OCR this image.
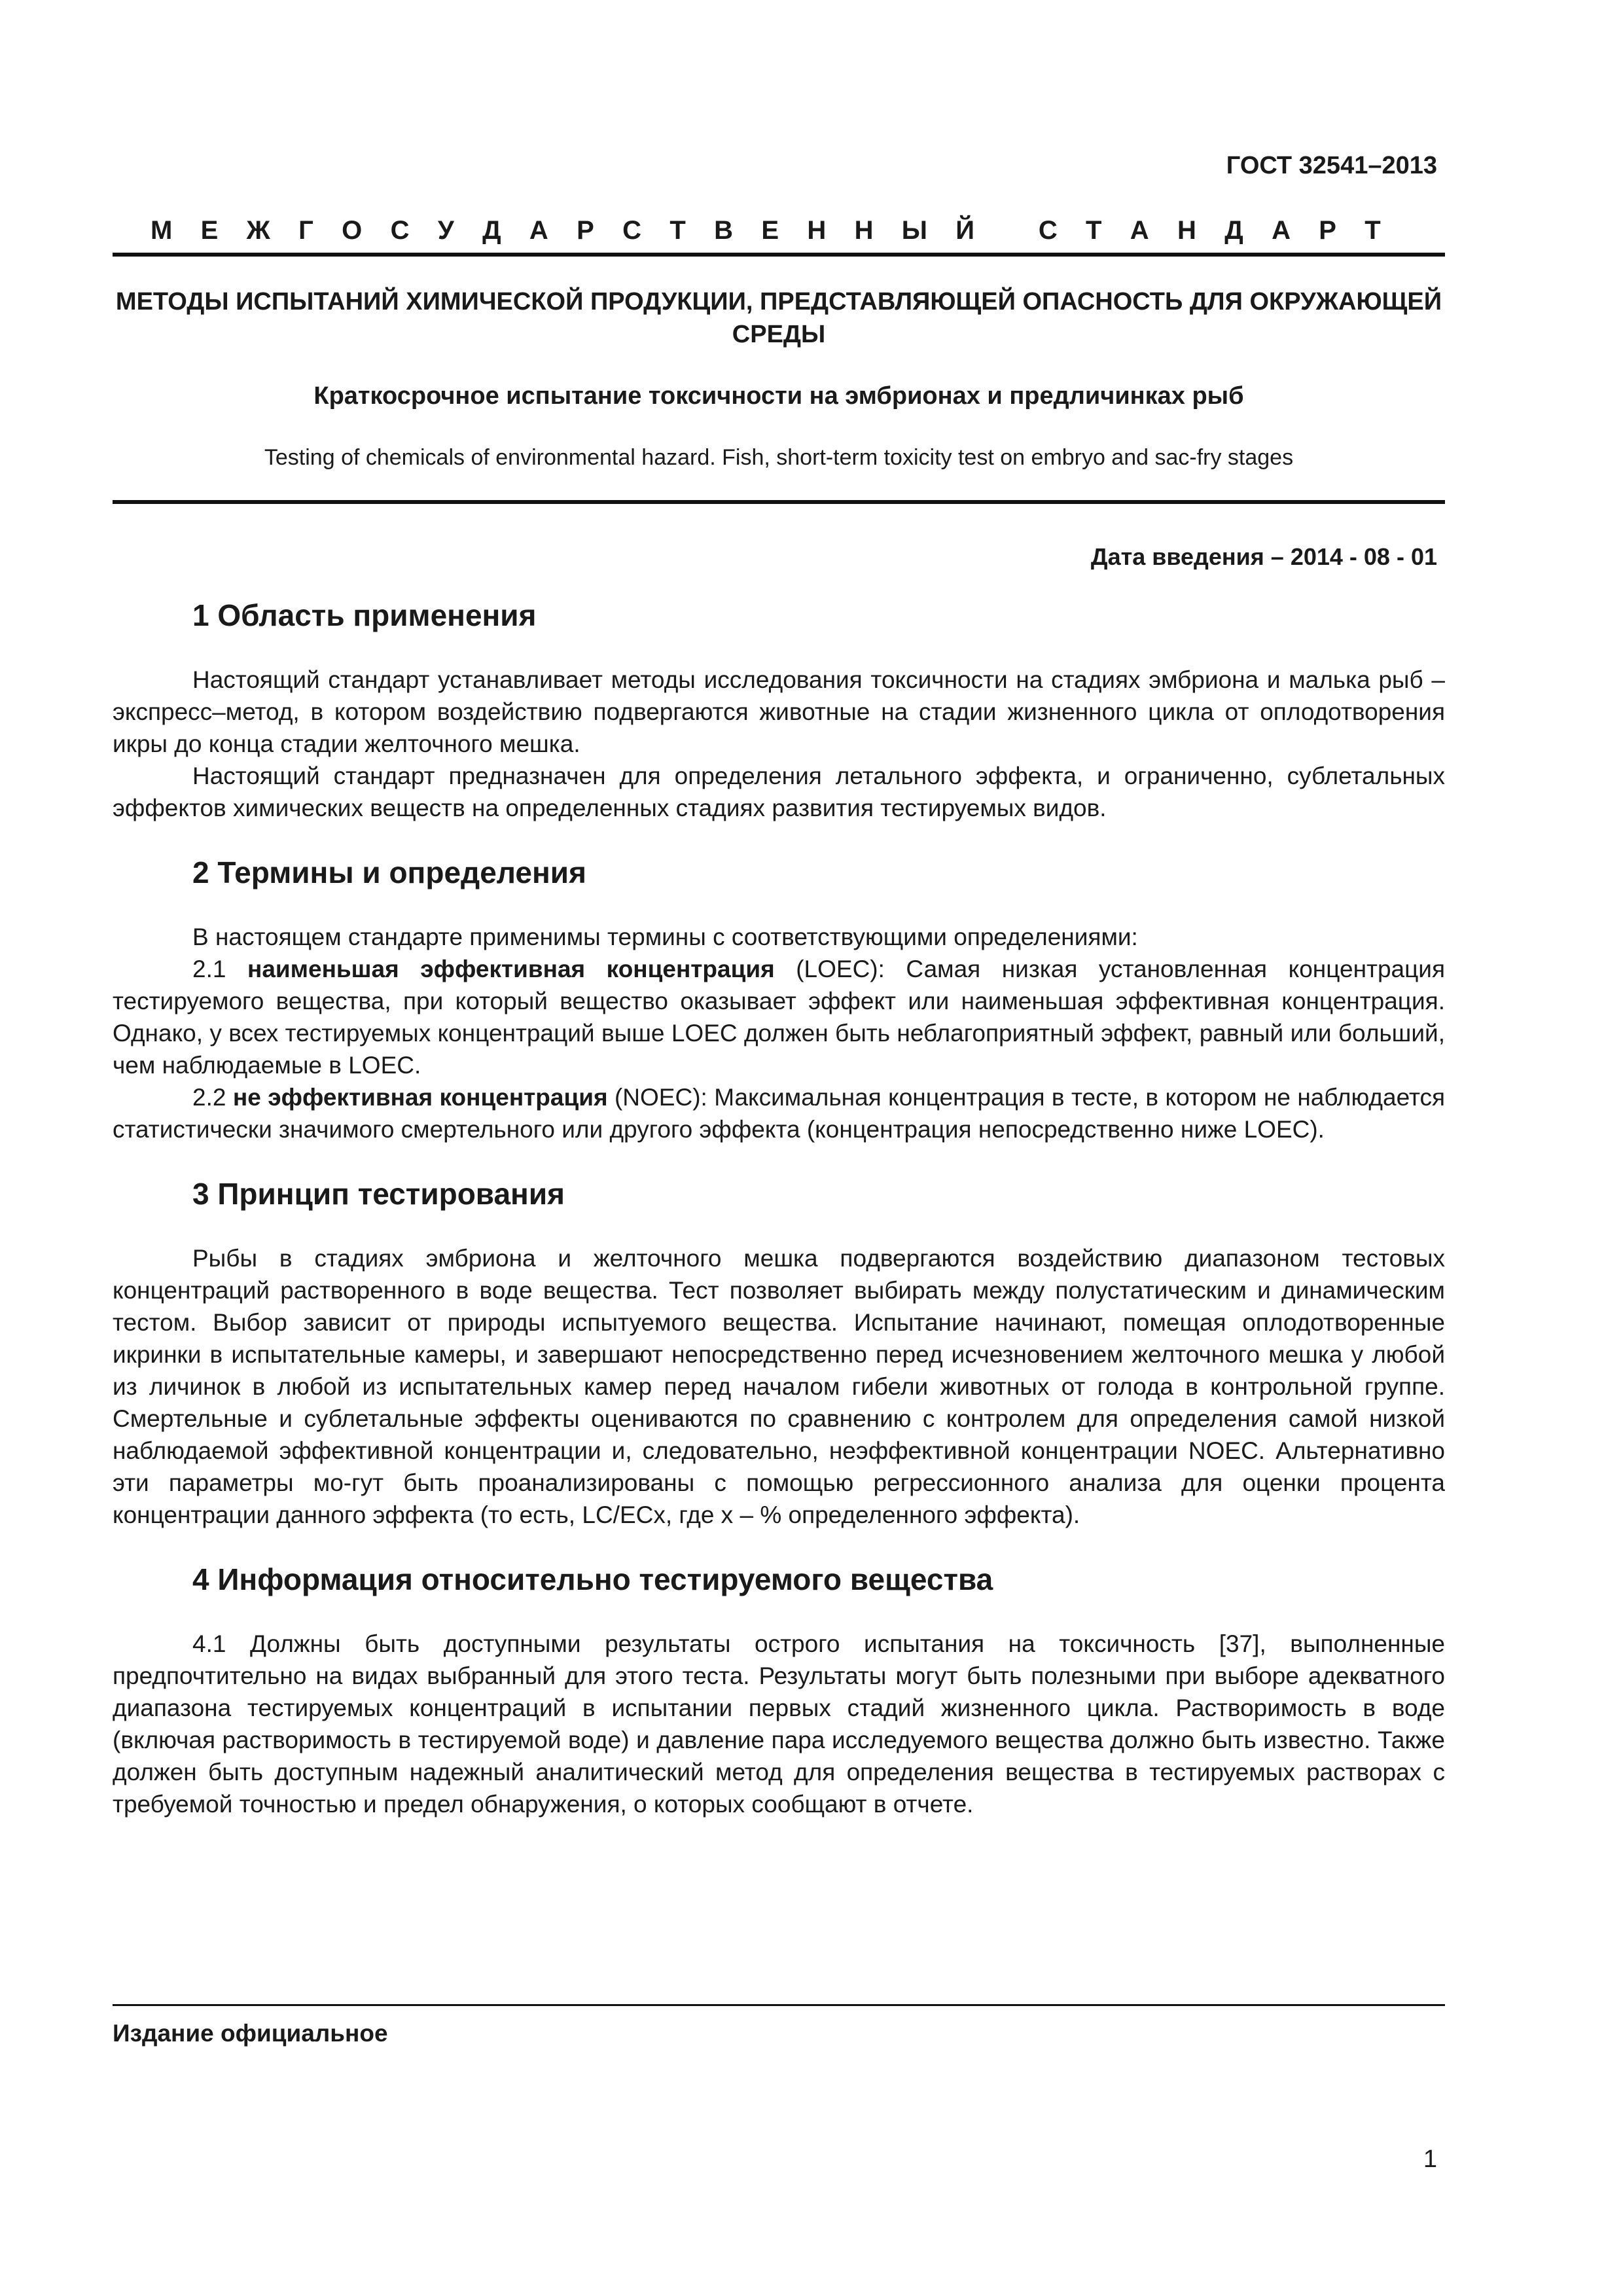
ГОСТ 32541–2013
М Е Ж Г О С У Д А Р С Т В Е Н Н Ы Й
С Т А Н Д А Р Т
МЕТОДЫ ИСПЫТАНИЙ ХИМИЧЕСКОЙ ПРОДУКЦИИ, ПРЕДСТАВЛЯЮЩЕЙ ОПАСНОСТЬ ДЛЯ ОКРУЖАЮЩЕЙ СРЕДЫ
Краткосрочное испытание токсичности на эмбрионах и предличинках рыб
Testing of chemicals of environmental hazard. Fish, short-term toxicity test on embryo and sac-fry stages
Дата введения – 2014 - 08 - 01
1 Область применения

Настоящий стандарт устанавливает методы исследования токсичности на стадиях эмбриона и малька рыб – экспресс–метод, в котором воздействию подвергаются животные на стадии жизненного цикла от оплодотворения икры до конца стадии желточного мешка.

Настоящий стандарт предназначен для определения летального эффекта, и ограниченно, сублетальных эффектов химических веществ на определенных стадиях развития тестируемых видов.

2 Термины и определения

В настоящем стандарте применимы термины с соответствующими определениями:

2.1 наименьшая эффективная концентрация (LOEC): Самая низкая установленная концентрация тестируемого вещества, при который вещество оказывает эффект или наименьшая эффективная концентрация. Однако, у всех тестируемых концентраций выше LOEC должен быть неблагоприятный эффект, равный или больший, чем наблюдаемые в LOEC.

2.2 не эффективная концентрация (NOEC): Максимальная концентрация в тесте, в котором не наблюдается статистически значимого смертельного или другого эффекта (концентрация непосредственно ниже LOEC).

3 Принцип тестирования

Рыбы в стадиях эмбриона и желточного мешка подвергаются воздействию диапазоном тестовых концентраций растворенного в воде вещества. Тест позволяет выбирать между полустатическим и динамическим тестом. Выбор зависит от природы испытуемого вещества. Испытание начинают, помещая оплодотворенные икринки в испытательные камеры, и завершают непосредственно перед исчезновением желточного мешка у любой из личинок в любой из испытательных камер перед началом гибели животных от голода в контрольной группе. Смертельные и сублетальные эффекты оцениваются по сравнению с контролем для определения самой низкой наблюдаемой эффективной концентрации и, следовательно, неэффективной концентрации NOEC. Альтернативно эти параметры мо-гут быть проанализированы с помощью регрессионного анализа для оценки процента концентрации данного эффекта (то есть, LC/ECx, где x – % определенного эффекта).

4 Информация относительно тестируемого вещества

4.1 Должны быть доступными результаты острого испытания на токсичность [37], выполненные предпочтительно на видах выбранный для этого теста. Результаты могут быть полезными при выборе адекватного диапазона тестируемых концентраций в испытании первых стадий жизненного цикла. Растворимость в воде (включая растворимость в тестируемой воде) и давление пара исследуемого вещества должно быть известно. Также должен быть доступным надежный аналитический метод для определения вещества в тестируемых растворах с требуемой точностью и предел обнаружения, о которых сообщают в отчете.

Издание официальное
1
